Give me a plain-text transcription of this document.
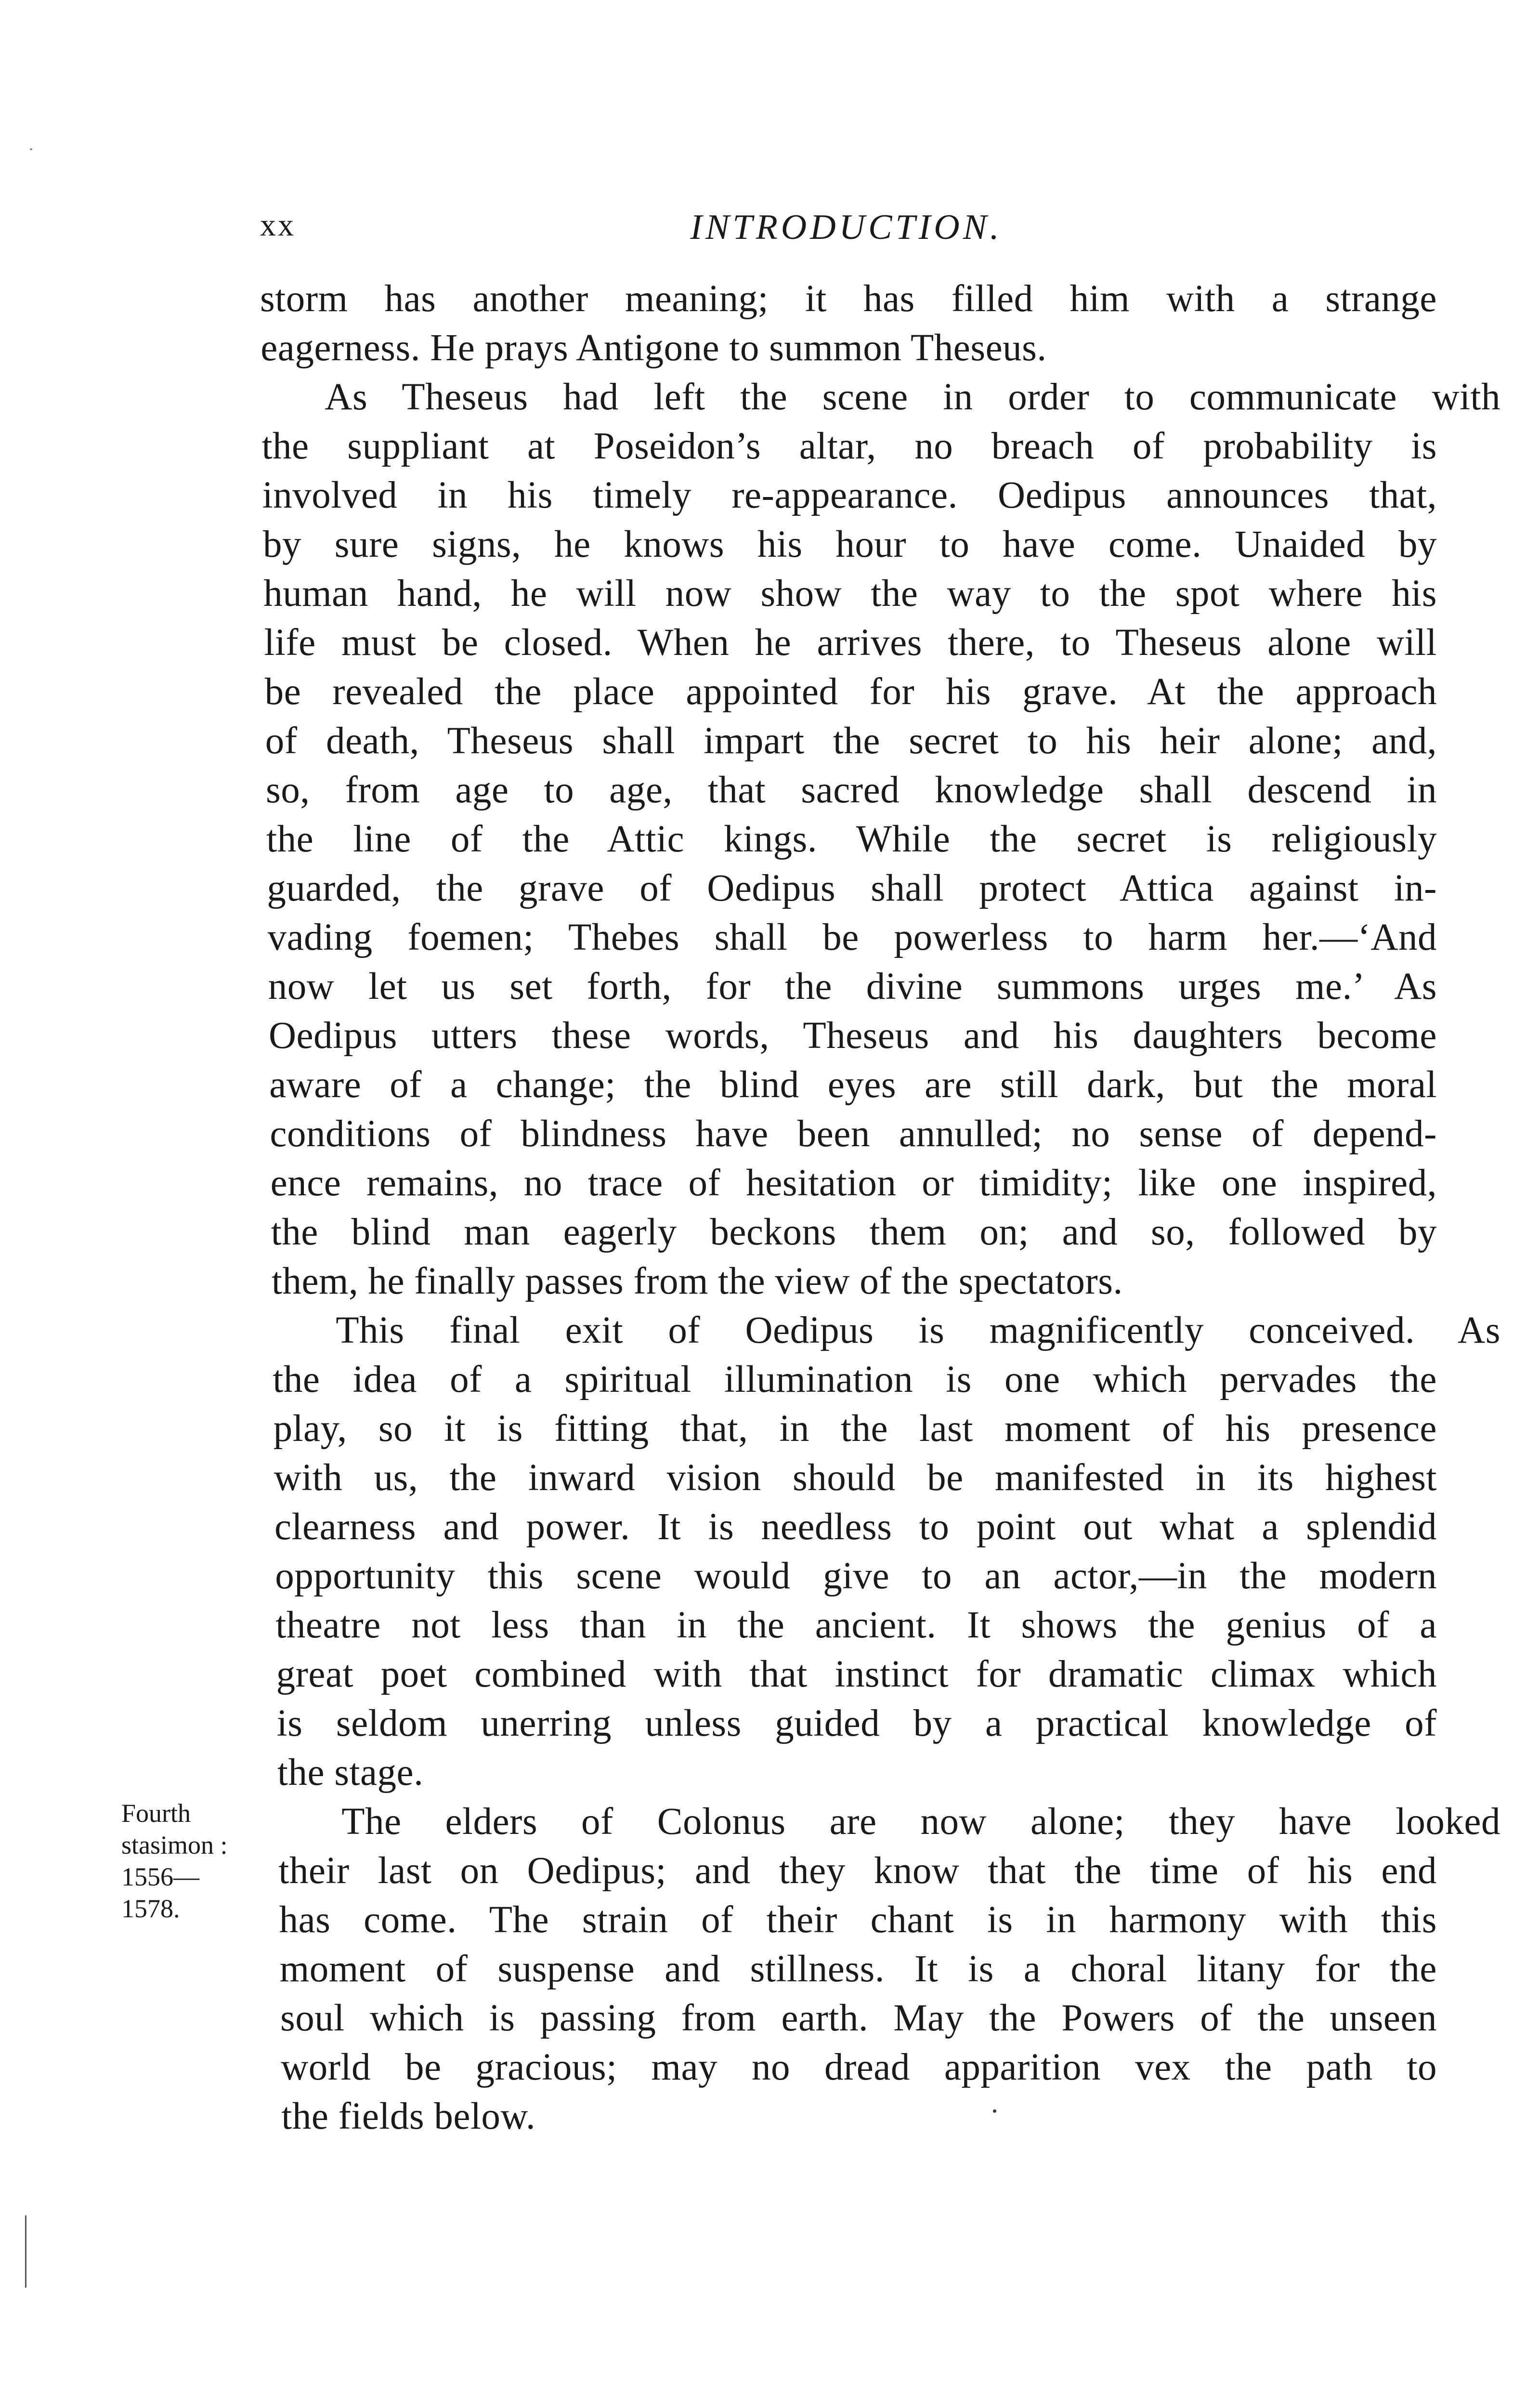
xx	INTRODUCTION.
storm has another meaning; it has filled him with a strange
eagerness. He prays Antigone to summon Theseus.
As Theseus had left the scene in order to communicate with
the suppliant at Poseidon’s altar, no breach of probability is
involved in his timely re-appearance. Oedipus announces that,
by sure signs, he knows his hour to have come. Unaided by
human hand, he will now show the way to the spot where his
life must be closed. When he arrives there, to Theseus alone will
be revealed the place appointed for his grave. At the approach
of death, Theseus shall impart the secret to his heir alone; and,
so, from age to age, that sacred knowledge shall descend in
the line of the Attic kings. While the secret is religiously
guarded, the grave of Oedipus shall protect Attica against in-
vading foemen; Thebes shall be powerless to harm her.—‘And
now let us set forth, for the divine summons urges me.’ As
Oedipus utters these words, Theseus and his daughters become
aware of a change; the blind eyes are still dark, but the moral
conditions of blindness have been annulled; no sense of depend-
ence remains, no trace of hesitation or timidity; like one inspired,
the blind man eagerly beckons them on; and so, followed by
them, he finally passes from the view of the spectators.
This final exit of Oedipus is magnificently conceived. As
the idea of a spiritual illumination is one which pervades the
play, so it is fitting that, in the last moment of his presence
with us, the inward vision should be manifested in its highest
clearness and power. It is needless to point out what a splendid
opportunity this scene would give to an actor,—in the modern
theatre not less than in the ancient. It shows the genius of a
great poet combined with that instinct for dramatic climax which
is seldom unerring unless guided by a practical knowledge of
the stage.
The elders of Colonus are now alone; they have looked
their last on Oedipus; and they know that the time of his end
has come. The strain of their chant is in harmony with this
moment of suspense and stillness. It is a choral litany for the
soul which is passing from earth. May the Powers of the unseen
world be gracious; may no dread apparition vex the path to
the fields below.
Fourth
stasimon :
1556—
1578.
